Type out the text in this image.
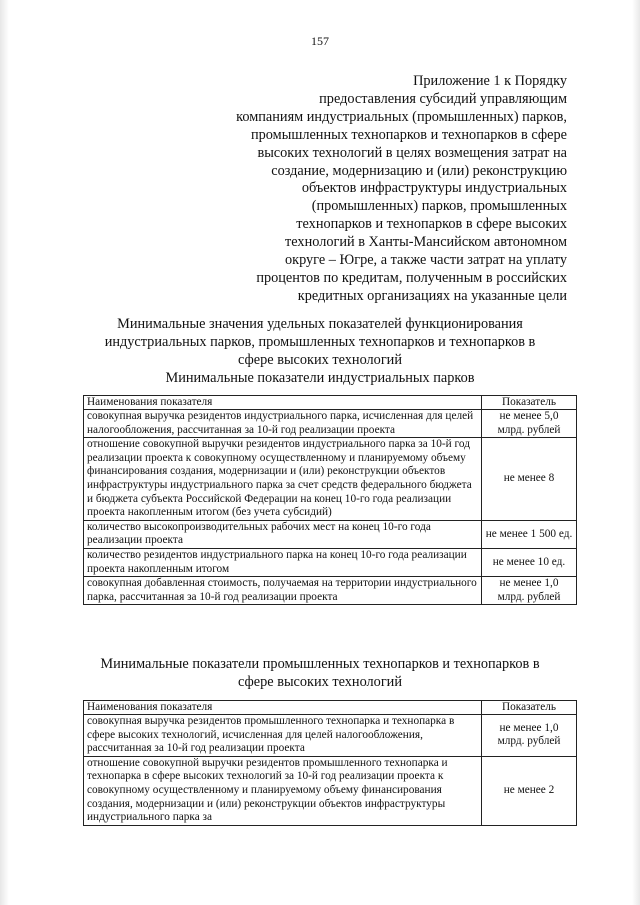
157
Приложение 1 к Порядку
предоставления субсидий управляющим
компаниям индустриальных (промышленных) парков,
промышленных технопарков и технопарков в сфере
высоких технологий в целях возмещения затрат на
создание, модернизацию и (или) реконструкцию
объектов инфраструктуры индустриальных
(промышленных) парков, промышленных
технопарков и технопарков в сфере высоких
технологий в Ханты-Мансийском автономном
округе – Югре, а также части затрат на уплату
процентов по кредитам, полученным в российских
кредитных организациях на указанные цели
Минимальные значения удельных показателей функционирования
индустриальных парков, промышленных технопарков и технопарков в
сфере высоких технологий
Минимальные показатели индустриальных парков
Наименования показателя	Показатель
совокупная выручка резидентов индустриального парка, исчисленная для целей налогообложения, рассчитанная за 10-й год реализации проекта	не менее 5,0 млрд. рублей
отношение совокупной выручки резидентов индустриального парка за 10-й год реализации проекта к совокупному осуществленному и планируемому объему финансирования создания, модернизации и (или) реконструкции объектов инфраструктуры индустриального парка за счет средств федерального бюджета и бюджета субъекта Российской Федерации на конец 10-го года реализации проекта накопленным итогом (без учета субсидий)	не менее 8
количество высокопроизводительных рабочих мест на конец 10-го года реализации проекта	не менее 1 500 ед.
количество резидентов индустриального парка на конец 10-го года реализации проекта накопленным итогом	не менее 10 ед.
совокупная добавленная стоимость, получаемая на территории индустриального парка, рассчитанная за 10-й год реализации проекта	не менее 1,0 млрд. рублей
Минимальные показатели промышленных технопарков и технопарков в
сфере высоких технологий
Наименования показателя	Показатель
совокупная выручка резидентов промышленного технопарка и технопарка в сфере высоких технологий, исчисленная для целей налогообложения, рассчитанная за 10-й год реализации проекта	не менее 1,0 млрд. рублей
отношение совокупной выручки резидентов промышленного технопарка и технопарка в сфере высоких технологий за 10-й год реализации проекта к совокупному осуществленному и планируемому объему финансирования создания, модернизации и (или) реконструкции объектов инфраструктуры индустриального парка за	не менее 2
